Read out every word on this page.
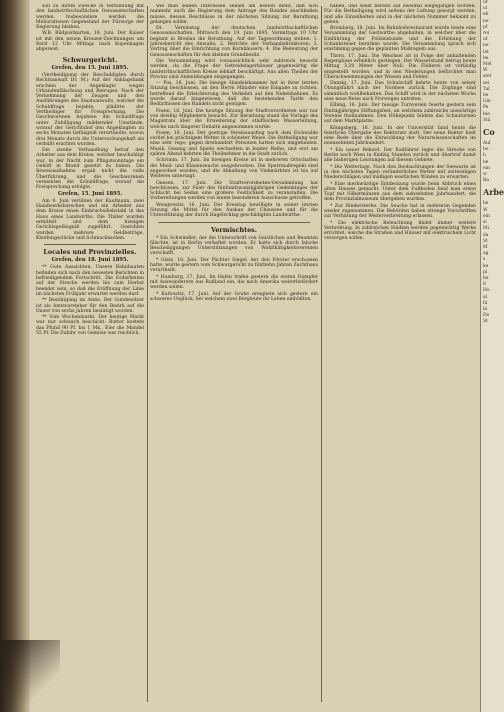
soll zu ihrem Zwecke in Verbindung mit den landwirthschaftlichen Genossenschaften werden. Insbesondere werden die Meliorationen Gegenstand der Fürsorge der Regierung bleiben.

W.B. Bildpostkarten, 18. Juni. Der Kaiser ist mit den neuen Kreuzer-Zeichnungen am Bord 12 Uhr Mittags nach Kopenhagen abgereist.

Schwurgericht.
Grefen, den 15. Juni 1895.

(Vertheidigung der Beschuldigten durch Rechtsanwalt Dr. M.) Auf der Anklagebank erschien der Angeklagte wegen Urkundenfälschung und Betruges. Nach der Vernehmung der Zeugen und den Ausführungen des Staatsanwalts, welcher die Schuldfrage bejahte, plädirte der Vertheidiger für Freisprechung. Die Geschworenen bejahten die Schuldfrage unter Zubilligung mildernder Umstände, worauf der Gerichtshof den Angeklagten zu sechs Monaten Gefängniß verurtheilte, wovon drei Monate durch die Untersuchungshaft als verbüßt erachtet wurden.

Die zweite Verhandlung betraf den Arbeiter aus dem Kreise, welcher beschuldigt war, in der Nacht zum Pfingstsonntage ein Gehöft in Brand gesetzt zu haben. Die Beweisaufnahme ergab nicht die volle Überführung, und die Geschworenen verneinten die Schuldfrage, worauf die Freisprechung erfolgte.

Grefen, 15. Juni 1895.

Am 9. Juni verübten der Kaufmann, zwei Handwerksburschen und ein Arbeiter aus dem Kreise einen Einbruchsdiebstahl in das Haus eines Landwirths. Die Thäter wurden ermittelt und dem hiesigen Gerichtsgefängniß zugeführt. Gestohlen wurden mehrere Geldbeträge, Kleidungsstücke und Schmucksachen.

Locales und Provinzielles.
Grefen, den 18. Juni 1895.

** Gute Aussichten. Unsere Bahnbauten befinden sich nach den neuesten Berichten in befriedigendem Fortschritt. Die Erdarbeiten auf der Strecke werden bis zum Herbst beendet sein, so daß die Eröffnung der Linie im nächsten Frühjahr erwartet werden darf.

** Bestätigung im Amte. Der Gutsbesitzer ist als Amtsvorsteher für den Bezirk auf die Dauer von sechs Jahren bestätigt worden.

** Vom Wochenmarkt. Der heutige Markt war nur schwach beschickt. Butter kostete das Pfund 90 Pf. bis 1 Mk., Eier die Mandel 55 Pf. Die Zufuhr von Gemüse war reichlich.

wie man seinen Interessen seinen am besten dient, daß sich nunmehr auch die Regierung dem Antrage des Bundes anschließen müsse, dessen Beschlüsse in der nächsten Sitzung zur Berathung gelangen sollen.

Dt. Vereinstag der deutschen landwirthschaftlichen Genossenschaften. Mittwoch den 19. Juni 1895, Vormittags 10 Uhr beginnt in Breslau die Berathung. Auf der Tagesordnung stehen: 1. Jahresbericht des Anwalts; 2. Berichte der Verbandsdirektoren; 3. Vortrag über die Einrichtung von Kornhäusern; 4. Die Bedeutung der Genossenschaften für den kleinen Grundbesitz.

Die Versammlung wird voraussichtlich sehr zahlreich besucht werden, da die Frage der Getreidelagerhäuser gegenwärtig die landwirthschaftlichen Kreise lebhaft beschäftigt. Aus allen Theilen der Provinz sind Anmeldungen eingegangen.

— Pos, 18. Juni. Die hiesige Handelskammer hat in ihrer letzten Sitzung beschlossen, an den Herrn Minister eine Eingabe zu richten, betreffend die Erleichterung des Verkehrs auf den Nebenbahnen. Es wurde darauf hingewiesen, daß die bestehenden Tarife den Bedürfnissen des Handels nicht genügen.

Posen, 18. Juni. Die heutige Sitzung der Stadtverordneten war nur von dreißig Mitgliedern besucht. Zur Berathung stand die Vorlage des Magistrats über die Erweiterung der städtischen Wasserleitung, welche nach längerer Debatte angenommen wurde.

Posen, 18. Juni. Der gestrige Vereinsausflug nach dem Eichwalde verlief bei prächtigem Wetter in schönster Weise. Die Betheiligung war eine sehr rege; gegen dreihundert Personen hatten sich eingefunden. Musik, Gesang und Spiele wechselten in bunter Reihe, und erst am späten Abend kehrten die Theilnehmer in die Stadt zurück.

Schrimm, 17. Juni. Im hiesigen Kreise ist in mehreren Ortschaften die Maul- und Klauenseuche ausgebrochen. Die Sperrmaßregeln sind angeordnet worden, und die Abhaltung von Viehmärkten ist bis auf Weiteres untersagt.

Gnesen, 17. Juni. Die Stadtverordneten-Versammlung hat beschlossen, zur Feier des fünfundzwanzigjährigen Gedenktages der Schlacht bei Sedan eine größere Festlichkeit zu veranstalten. Die Vorbereitungen werden von einem besonderen Ausschusse getroffen.

Wongrowitz, 16. Juni. Der Kreistag bewilligte in seiner letzten Sitzung die Mittel für den Ausbau der Chaussee und für die Unterstützung der durch Hagelschlag geschädigten Landwirthe.

Vermischtes.

* Ein Schwindler, der die Unterschrift von Geistlichen und Beamten fälschte, ist in Berlin verhaftet worden. Er hatte sich durch falsche Bescheinigungen Unterstützungen von Wohlthätigkeitsvereinen verschafft.

* Glatz, 18. Juni. Der Pächter Siegel, der den Förster erschossen hatte, wurde gestern vom Schwurgericht zu fünfzehn Jahren Zuchthaus verurtheilt.

* Hamburg, 17. Juni. Im Hafen trafen gestern die ersten Dampfer mit Auswanderern aus Rußland ein, die nach Amerika weiterbefördert werden sollen.

* Kattowitz, 17. Juni. Auf der Grube ereignete sich gestern ein schweres Unglück, bei welchem zwei Bergleute ihr Leben einbüßten.

haben, und sonst bereits auf zweimal eingegangen worden. Für die Betheiligung wird seitens der Leitung gesorgt werden, und alle Einzelheiten sind in der nächsten Nummer bekannt zu geben.

Bromberg, 18. Juni. Im Bahnhofsrestaurant wurde heute eine Versammlung der Gastwirthe abgehalten, in welcher über die Einführung der Polizeistunde und die Erhöhung der Schanksteuer berathen wurde. Die Versammlung sprach sich einstimmig gegen die geplanten Maßregeln aus.

Thorn, 17. Juni. Die Weichsel ist in Folge der anhaltenden Regengüsse erheblich gestiegen. Der Wasserstand betrug heute Mittag 3,20 Meter über Null. Die Flößerei ist vorläufig eingestellt worden, und in den Niederungen befürchtet man Überschwemmungen der Wiesen und Felder.

Danzig, 17. Juni. Das Schulschiff kehrte heute von seiner Übungsfahrt nach der Nordsee zurück. Die Zöglinge sind sämmtlich wohlbehalten. Das Schiff wird in der nächsten Woche eine neue Reise nach Norwegen antreten.

Elbing, 16. Juni. Der hiesige Turnverein feierte gestern sein fünfzigjähriges Stiftungsfest, an welchem zahlreiche auswärtige Vereine theilnahmen. Den Höhepunkt bildete das Schauturnen auf dem Marktplatze.

Königsberg, 16. Juni. In der Universität fand heute die feierliche Übergabe des Rektorats statt. Der neue Rektor hielt eine Rede über die Entwicklung der Naturwissenschaften im neunzehnten Jahrhundert.

* Ein neuer Rekord. Der Radfahrer legte die Strecke von Berlin nach Wien in fünfzig Stunden zurück und übertraf damit alle bisherigen Leistungen auf diesem Gebiete.

* Die Wetterlage. Nach den Beobachtungen der Seewarte ist in den nächsten Tagen veränderliches Wetter mit zeitweiligen Niederschlägen und mäßigen westlichen Winden zu erwarten.

* Eine merkwürdige Entdeckung wurde beim Abbruch eines alten Hauses gemacht. Unter dem Fußboden fand man einen Topf mit Silbermünzen aus dem siebzehnten Jahrhundert, die dem Provinzialmuseum übergeben wurden.

* Zur Rindersterbe. Die Seuche hat in mehreren Gegenden wieder zugenommen. Die Behörden haben strenge Vorschriften zur Verhütung der Weiterverbreitung erlassen.

* Die elektrische Beleuchtung findet immer weitere Verbreitung. In zahlreichen Städten werden gegenwärtig Werke errichtet, welche die Straßen und Häuser mit elektrischem Licht versorgen sollen.

ur
ul
eb
ne
pf
rei
uf
ne
lat
be
Mel
W
stel
sei
Tal
be
Gin
Pe
bie
Stä
Co
Auf
bo
b
be
ein
w
Ba
Arbe
be
W
ein
si
Mi
da
St
M
ag
s
ke
pi
bu
8
Ho
al
fü
bi
De
St
